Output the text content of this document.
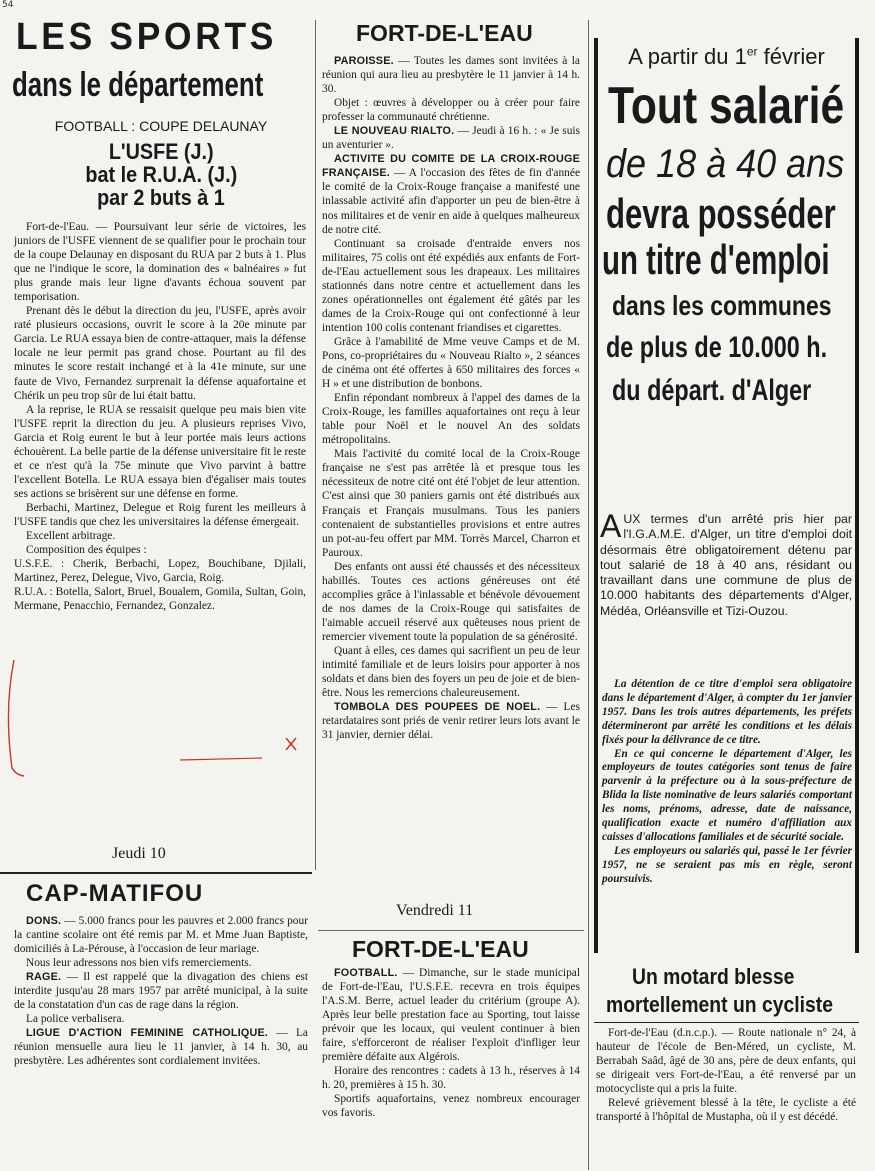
54
LES SPORTS
dans le département
FOOTBALL : COUPE DELAUNAY
L'USFE (J.)
bat le R.U.A. (J.)
par 2 buts à 1

Fort-de-l'Eau. — Poursuivant leur série de victoires, les juniors de l'USFE viennent de se qualifier pour le prochain tour de la coupe Delaunay en disposant du RUA par 2 buts à 1. Plus que ne l'indique le score, la domination des « balnéaires » fut plus grande mais leur ligne d'avants échoua souvent par temporisation.

Prenant dès le début la direction du jeu, l'USFE, après avoir raté plusieurs occasions, ouvrit le score à la 20e minute par Garcia. Le RUA essaya bien de contre-attaquer, mais la défense locale ne leur permit pas grand chose. Pourtant au fil des minutes le score restait inchangé et à la 41e minute, sur une faute de Vivo, Fernandez surprenait la défense aquafortaine et Chérik un peu trop sûr de lui était battu.

A la reprise, le RUA se ressaisit quelque peu mais bien vite l'USFE reprit la direction du jeu. A plusieurs reprises Vivo, Garcia et Roig eurent le but à leur portée mais leurs actions échouèrent. La belle partie de la défense universitaire fit le reste et ce n'est qu'à la 75e minute que Vivo parvint à battre l'excellent Botella. Le RUA essaya bien d'égaliser mais toutes ses actions se brisèrent sur une défense en forme.

Berbachi, Martinez, Delegue et Roig furent les meilleurs à l'USFE tandis que chez les universitaires la défense émergeait.

Excellent arbitrage.

Composition des équipes :

U.S.F.E. : Cherik, Berbachi, Lopez, Bouchibane, Djilali, Martinez, Perez, Delegue, Vivo, Garcia, Roig.

R.U.A. : Botella, Salort, Bruel, Boualem, Gomila, Sultan, Goin, Mermane, Penacchio, Fernandez, Gonzalez.

Jeudi 10
CAP-MATIFOU

DONS. — 5.000 francs pour les pauvres et 2.000 francs pour la cantine scolaire ont été remis par M. et Mme Juan Baptiste, domiciliés à La-Pérouse, à l'occasion de leur mariage.

Nous leur adressons nos bien vifs remerciements.

RAGE. — Il est rappelé que la divagation des chiens est interdite jusqu'au 28 mars 1957 par arrêté municipal, à la suite de la constatation d'un cas de rage dans la région.

La police verbalisera.

LIGUE D'ACTION FEMININE CATHOLIQUE. — La réunion mensuelle aura lieu le 11 janvier, à 14 h. 30, au presbytère. Les adhérentes sont cordialement invitées.

FORT-DE-L'EAU

PAROISSE. — Toutes les dames sont invitées à la réunion qui aura lieu au presbytère le 11 janvier à 14 h. 30.

Objet : œuvres à développer ou à créer pour faire professer la communauté chrétienne.

LE NOUVEAU RIALTO. — Jeudi à 16 h. : « Je suis un aventurier ».

ACTIVITE DU COMITE DE LA CROIX-ROUGE FRANÇAISE. — A l'occasion des fêtes de fin d'année le comité de la Croix-Rouge française a manifesté une inlassable activité afin d'apporter un peu de bien-être à nos militaires et de venir en aide à quelques malheureux de notre cité.

Continuant sa croisade d'entraide envers nos militaires, 75 colis ont été expédiés aux enfants de Fort-de-l'Eau actuellement sous les drapeaux. Les militaires stationnés dans notre centre et actuellement dans les zones opérationnelles ont également été gâtés par les dames de la Croix-Rouge qui ont confectionné à leur intention 100 colis contenant friandises et cigarettes.

Grâce à l'amabilité de Mme veuve Camps et de M. Pons, co-propriétaires du « Nouveau Rialto », 2 séances de cinéma ont été offertes à 650 militaires des forces « H » et une distribution de bonbons.

Enfin répondant nombreux à l'appel des dames de la Croix-Rouge, les familles aquafortaines ont reçu à leur table pour Noël et le nouvel An des soldats métropolitains.

Mais l'activité du comité local de la Croix-Rouge française ne s'est pas arrêtée là et presque tous les nécessiteux de notre cité ont été l'objet de leur attention. C'est ainsi que 30 paniers garnis ont été distribués aux Français et Français musulmans. Tous les paniers contenaient de substantielles provisions et entre autres un pot-au-feu offert par MM. Torrès Marcel, Charron et Pauroux.

Des enfants ont aussi été chaussés et des nécessiteux habillés. Toutes ces actions généreuses ont été accomplies grâce à l'inlassable et bénévole dévouement de nos dames de la Croix-Rouge qui satisfaites de l'aimable accueil réservé aux quêteuses nous prient de remercier vivement toute la population de sa générosité.

Quant à elles, ces dames qui sacrifient un peu de leur intimité familiale et de leurs loisirs pour apporter à nos soldats et dans bien des foyers un peu de joie et de bien-être. Nous les remercions chaleureusement.

TOMBOLA DES POUPEES DE NOEL. — Les retardataires sont priés de venir retirer leurs lots avant le 31 janvier, dernier délai.

Vendredi 11
FORT-DE-L'EAU

FOOTBALL. — Dimanche, sur le stade municipal de Fort-de-l'Eau, l'U.S.F.E. recevra en trois équipes l'A.S.M. Berre, actuel leader du critérium (groupe A). Après leur belle prestation face au Sporting, tout laisse prévoir que les locaux, qui veulent continuer à bien faire, s'efforceront de réaliser l'exploit d'infliger leur première défaite aux Algérois.

Horaire des rencontres : cadets à 13 h., réserves à 14 h. 20, premières à 15 h. 30.

Sportifs aquafortains, venez nombreux encourager vos favoris.

A partir du 1er février
Tout salarié
de 18 à 40 ans
devra posséder
un titre d'emploi
dans les communes
de plus de 10.000 h.
du départ. d'Alger
AUX termes d'un arrêté pris hier par l'I.G.A.M.E. d'Alger, un titre d'emploi doit désormais être obligatoirement détenu par tout salarié de 18 à 40 ans, résidant ou travaillant dans une commune de plus de 10.000 habitants des départements d'Alger, Médéa, Orléansville et Tizi-Ouzou.

La détention de ce titre d'emploi sera obligatoire dans le département d'Alger, à compter du 1er janvier 1957. Dans les trois autres départements, les préfets détermineront par arrêté les conditions et les délais fixés pour la délivrance de ce titre.

En ce qui concerne le département d'Alger, les employeurs de toutes catégories sont tenus de faire parvenir à la préfecture ou à la sous-préfecture de Blida la liste nominative de leurs salariés comportant les noms, prénoms, adresse, date de naissance, qualification exacte et numéro d'affiliation aux caisses d'allocations familiales et de sécurité sociale.

Les employeurs ou salariés qui, passé le 1er février 1957, ne se seraient pas mis en règle, seront poursuivis.

Un motard blesse
mortellement un cycliste

Fort-de-l'Eau (d.n.c.p.). — Route nationale n° 24, à hauteur de l'école de Ben-Méred, un cycliste, M. Berrabah Saâd, âgé de 30 ans, père de deux enfants, qui se dirigeait vers Fort-de-l'Eau, a été renversé par un motocycliste qui a pris la fuite.

Relevé grièvement blessé à la tête, le cycliste a été transporté à l'hôpital de Mustapha, où il y est décédé.
